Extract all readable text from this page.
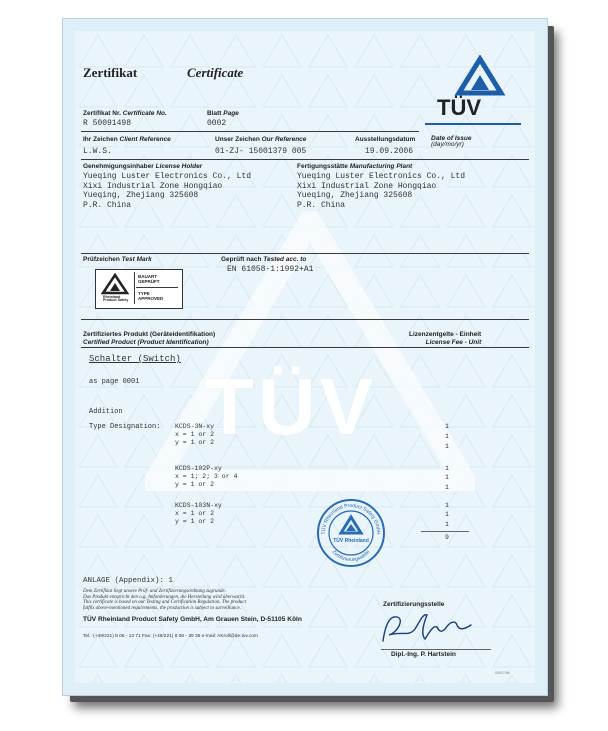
TÜV
Zertifikat	Certificate
TÜV
Zertifikat Nr. Certificate No.
R 50091498
Blatt Page
0002
Ihr Zeichen Client Reference
L.W.S.
Unser Zeichen Our Reference
01-ZJ- 15001379 005
Ausstellungsdatum Date of Issue
(day/mo/yr)
19.09.2006
Genehmigungsinhaber License Holder
Yueqing Luster Electronics Co., Ltd
Xixi Industrial Zone Hongqiao
Yueqing, Zhejiang 325608
P.R. China
Fertigungsstätte Manufacturing Plant
Yueqing Luster Electronics Co., Ltd
Xixi Industrial Zone Hongqiao
Yueqing, Zhejiang 325608
P.R. China
Prüfzeichen Test Mark
TÜV
Rheinland
Product Safety
BAUART
GEPRÜFT
TYPE
APPROVED
Geprüft nach Tested acc. to
EN 61058-1:1992+A1
Zertifiziertes Produkt (Geräteidentifikation)
Certified Product (Product Identification)
Lizenzentgelte - Einheit
License Fee - Unit
Schalter (Switch)
as page 0001
Addition
Type Designation: KCDS-3N-xy
x = 1 or 2
y = 1 or 2
KCDS-102P-xy
x = 1; 2; 3 or 4
y = 1 or 2
KCDS-103N-xy
x = 1 or 2
y = 1 or 2
1
1
1
1
1
1
1
1
1
9
TÜV Rheinland Product Safety GmbH
Zertifizierungsstelle
TÜV Rheinland
ANLAGE (Appendix): 1
Dem Zertifikat liegt unsere Prüf- und Zertifizierungsordnung zugrunde.
Das Produkt entspricht den o.g. Anforderungen, die Herstellung wird überwacht.
This certificate is based on our Testing and Certification Regulation. The product
fulfils above-mentioned requirements, the production is subject to surveillance.
TÜV Rheinland Product Safety GmbH, Am Grauen Stein, D-51105 Köln
Tel.: (+49/221) 8 06 - 13 71 Fax: (+49/221) 8 06 - 39 35 e-mail: AKroll@de.tuv.com
Zertifizierungsstelle
Dipl.-Ing. P. Hartstein
00917/06
